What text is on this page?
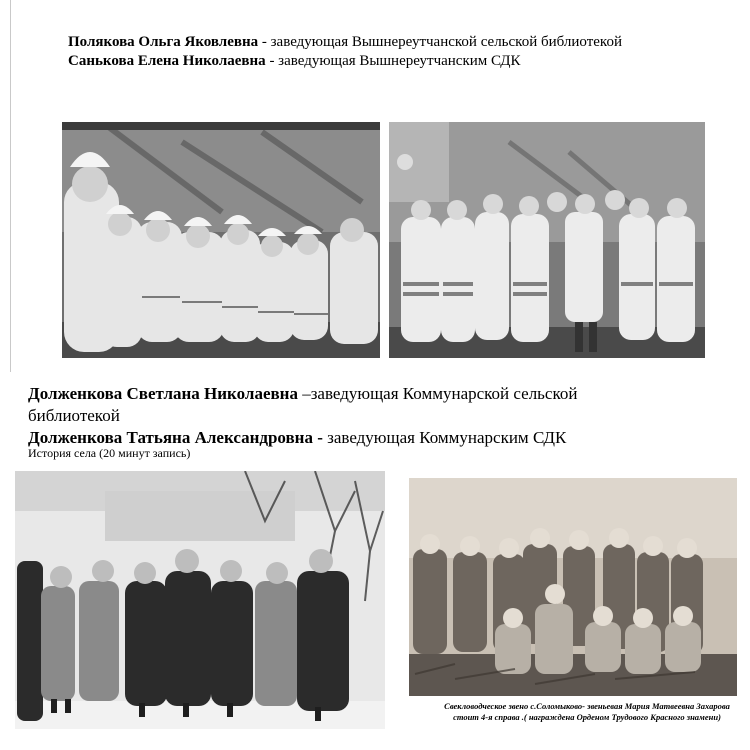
Полякова Ольга Яковлевна - заведующая Вышнереутчанской сельской библиотекой
Санькова Елена Николаевна - заведующая Вышнереутчанским СДК
Долженкова Светлана Николаевна –заведующая Коммунарской сельской
библиотекой
Долженкова Татьяна Александровна - заведующая Коммунарским СДК
История села (20 минут запись)
Свекловодческое звено с.Соломыково- звеньевая Мария Матвеевна Захарова
стоит 4-я справа .( награждена Орденом Трудового Красного знамени)
